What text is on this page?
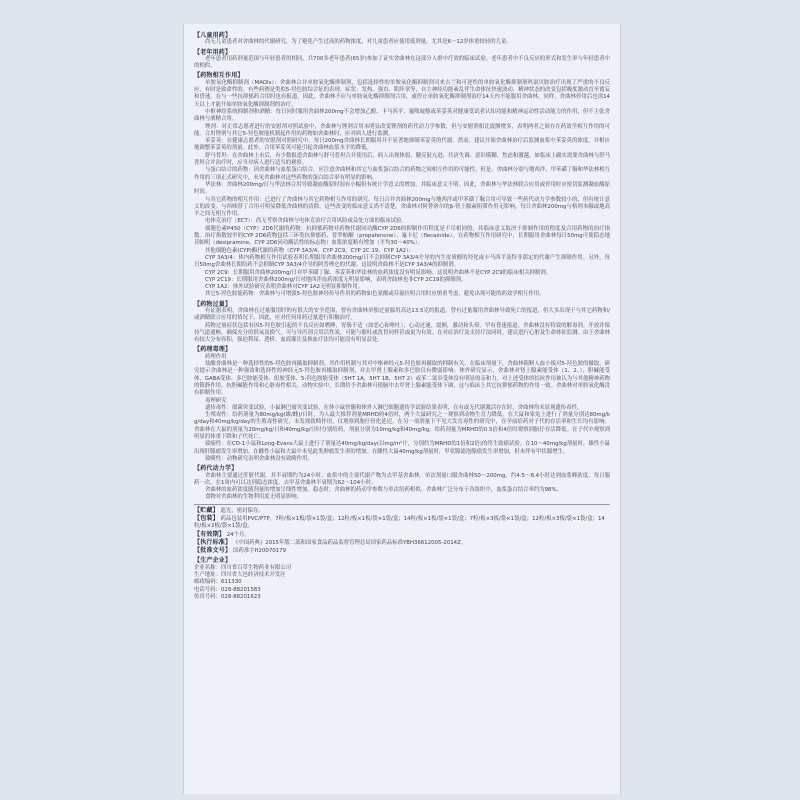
【儿童用药】

尚无儿童患者对舍曲林的代谢研究，为了避免产生过高的药物浓度，对儿童患者应使用低剂量，尤其是6～12岁体重较轻的儿童。

【老年用药】

老年患者用药剂量范围与年轻患者的相同。共700多老年患者(65岁)参加了证实舍曲林在这部分人群中疗效的临床试验。老年患者中不良反应的形式和发生率与年轻患者中的相似。

【药物相互作用】

单胺氧化酶抑制剂（MAOIs）：舍曲林合并单胺氧化酶抑制剂，包括选择性的单胺氧化酶抑制剂司来吉兰和可逆性的单胺氧化酶抑制剂吗氯贝胺治疗出现了严重的不良反应，有时是致命性的。有些病例是类似5-羟色胺综合征的表现。症状：发热、强直、肌阵挛等，自主神经功能紊乱伴生命体征快速波动，精神状态的改变包括极度激动直至谵妄和昏迷。在与一些抗抑郁药合用时也有报道。因此，舍曲林不应与单胺氧化酶抑制剂合用，或停止单胺氧化酶抑制剂治疗14天内不能服用舍曲林。同样，舍曲林停用后也需14天以上才能开始单胺氧化酶抑制剂的治疗。

中枢神经系统抑制剂和酒精：每日同时服用舍曲林200mg不会增加乙醇、卡马西平、氟哌啶醇或苯妥英对健康受试者认知功能和精神运动性活动能力的作用，但不主张舍曲林与酒精合用。

锂剂：对正常志愿者进行的安慰剂对照试验中，舍曲林与锂剂合用未明显改变锂剂的药代动力学参数，但与安慰剂相比震颤增多，表明两者之间存在药效学相互作用的可能。合用锂剂与其它5-羟色胺能机制起作用的药物如舍曲林时，应对病人进行监测。

苯妥英：在健康志愿者的安慰剂对照研究中，每日200mg舍曲林长期服用并不显著地抑制苯妥英的代谢。然而，建议开始舍曲林治疗后监测血浆中苯妥英的浓度，并相应地调整苯妥英的剂量。此外，合用苯妥英可能引起舍曲林血浆水平的降低。

舒马普坦：在舍曲林上市后，有少数报道舍曲林与舒马普坦合并使用后，病人出现体弱、腱反射亢进、共济失调、意识模糊、焦虑和激越。如临床上确实需要舍曲林与舒马普坦合并治疗时，应当对病人进行适当的观察。

与蛋白结合的药物：因舍曲林与血浆蛋白结合，应注意舍曲林和其它与血浆蛋白结合的药物之间相互作用的可能性。但是，舍曲林分别与地西泮、甲苯磺丁脲和华法林相互作用的三项正式研究中，未见舍曲林对这些药物的蛋白结合率有明显的影响。

华法林：舍曲林200mg/日与华法林合用导致凝血酶原时间有小幅但有统计学意义的增加，其临床意义不明。因此，舍曲林与华法林联合应用或停用时应密切监测凝血酶原时间。

与其它药物的相互作用：已进行了舍曲林与其它药物相互作用的研究。每日合并舍曲林200mg与地西泮或甲苯磺丁脲合用可导致一些药代动力学参数较小的、但有统计意义的改变。与西咪替丁合用可明显降低舍曲林的清除。这些改变的临床意义尚不清楚。舍曲林对阿替洛尔的β-肾上腺素阻滞作用无影响。每日舍曲林200mg与格列本脲或地高辛之间无相互作用。

电休克治疗（ECT）：尚无考察舍曲林与电休克治疗合用风险或益处方面的临床试验。

细胞色素P450（CYP）2D6代谢的药物：抗抑郁药物对药物代谢同功酶CYP 2D6的抑制作用程度是不尽相同的。其临床意义取决于抑制作用的程度及合用药物的治疗指数。治疗指数较窄的CYP 2D6药物包括三环类抗抑郁药、普罗帕酮（propafenone）、氟卡尼（flecainide）。在药物相互作用研究中，长期服用舍曲林每日50mg可使稳态地昔帕明（desipramine，CYP 2D6同功酶活性的标志物）血浆浓度略有增加（平均30～40%）。

其他细胞色素(CYP)酶代谢的药物（CYP 3A3/4、CYP 2C9、CYP 2C 19、CYP 1A2）：

CYP 3A3/4：体内药物相互作用试验表明长期服用舍曲林200mg/日不会抑制CYP 3A3/4介导的内生皮质醇的羟化或卡马西平及特非那定的代谢产生抑制作用。另外，每日50mg舍曲林长期给药不会抑制CYP 3A3/4介导的阿普唑仑的代谢。这说明舍曲林不是CYP 3A3/4的抑制剂。

CYP 2C9：长期服用舍曲林200mg/日对甲苯磺丁脲、苯妥英和华法林的血药浓度没有明显影响。这说明舍曲林不是CYP 2C9的临床相关抑制剂。

CYP 2C19：长期服用舍曲林200mg/日对地西泮血药浓度无明显影响，表明舍曲林也非CYP 2C19的抑制剂。

CYP 1A2：体外试验研究表明舍曲林对CYP 1A2无明显抑制作用。

其它5-羟色胺能药物：舍曲林与可增强5-羟色胺神经传导作用的药物如色氨酸或芬氟拉明合用时应慎重考虑，避免出现可能的药效学相互作用。

【药物过量】

有证据表明，舍曲林在过量服用时的有很大的安全范围，曾有舍曲林单独过量服用高达13.5克的报道。曾有过量服用舍曲林导致死亡的报道，但大多出现于与其它药物和/或酒精联合应用的情况下。因此，应对任何用药过量进行积极治疗。

药物过量症状包括有因5-羟色胺引起的不良反应如嗜睡，胃肠不适（如恶心和呕吐），心动过速，震颤，激动和头晕。罕有昏迷报道。舍曲林没有特效的解毒剂。开放并保持气道通畅，确保充分的供氧及换气。可与导泻剂合用活性炭，可能与催吐或洗胃同样甚或更为有效。在对症治疗及支持疗法同时，建议进行心脏及生命体征监测。由于舍曲林有较大分布容积，强迫利尿、透析、血液灌注及换血疗法均可能没有明显益处。

【药理毒理】

药理作用

盐酸舍曲林是一种选择性的5-羟色胺再摄取抑制剂。其作用机制与其对中枢神经元5-羟色胺再摄取的抑制有关。在临床剂量下，舍曲林阻断人血小板对5-羟色胺的摄取。研究提示舍曲林是一种强效和选择性的神经元5-羟色胺再摄取抑制剂，对去甲肾上腺素和多巴胺仅有微弱影响。体外研究显示，舍曲林对肾上腺素能受体（1、2、），胆碱能受体、GABA受体、多巴胺能受体、组胺受体、5-羟色胺能受体（5HT 1A，5HT 1B，5HT 2）或苯二氮卓受体没有明显的亲和力。对上述受体的拮抗作用被认为与其他精神药物的镇静作用、抗胆碱能作用和心脏毒性相关。动物实验中，长期给予舍曲林可使脑中去甲肾上腺素能受体下调，这与临床上其它抗抑郁药物的作用一致。舍曲林对单胺氧化酶没有抑制作用。

毒理研究

遗传毒性：细菌突变试验，小鼠淋巴瘤突变试验，在体小鼠骨髓和体外人淋巴细胞遗传学试验结果表明，在有或无代谢激活存在时，舍曲林均未显现遗传毒性。

生殖毒性：给药剂量为80mg/kg(雄/雌)/日时，为人最大推荐剂量MRHD的4倍时，两个大鼠研究之一观察到动物生育力降低。在大鼠和家兔上进行了剂量分别达80mg/kg/day和40mg/kg/day的生殖毒性研究，未发现致畸作用，仅观察到胎仔骨化延迟。在另一项剂量下不见大发育毒性的研究中，在孕前给药对子代的存活率和生长均有影响。舍曲林在大鼠的剂量为20mg/kg/日和40mg/kg/日时分别给药，剂量分别为10mg/kg和40mg/kg。给药剂量为MRHD的0.5倍和4倍时观察到胎仔存活降低。在子代中观察到明显的体重下降和子代死亡。

致癌性：在CD-1小鼠和Long-Evans大鼠上进行了剂量达40mg/kg/day(以mg/m²计，分别约为MRHD的1倍和2倍)的终生致癌试验。在10～40mg/kg剂量时，雄性小鼠出现肝腺瘤发生率增加。在雌性小鼠和大鼠中未见此类肿瘤发生率的增加。在雌性大鼠40mg/kg剂量时，甲状腺滤泡腺瘤发生率增加，但未伴有甲状腺增生。

致畸性：动物研究表明舍曲林没有致畸作用。

【药代动力学】

舍曲林主要通过肝脏代谢，其半衰期约为24小时。血浆中的主要代谢产物为去甲基舍曲林。单次剂量口服舍曲林50～200mg，约4.5～8.4小时达到血浆峰浓度。每日服药一次，在1周内可以达到稳态浓度。去甲基舍曲林半衰期为62～104小时。

舍曲林的血药浓度随剂量的增加呈线性增加。稳态时，舍曲林的药动学参数与单次给药相似。舍曲林广泛分布于各组织中，血浆蛋白结合率约为98%。

食物对舍曲林的生物利用度无明显影响。

【贮藏】 遮光，密封保存。
【包装】 药品包装用PVC/PTP，7粒/板×1板/袋×1袋/盒；12粒/板×1板/袋×1袋/盒；14粒/板×1板/袋×1袋/盒；7粒/板×3板/袋×1袋/盒；12粒/板×3板/袋×1袋/盒；14粒/板×2板/袋×1袋/盒。
【有效期】 24个月。
【执行标准】 《中国药典》2015年版二部和国家食品药品监督管理总局国家药品标准YBH36612005-2014Z。
【批准文号】 国药准字H20070179
【生产企业】
企业名称：四川省百草生物药业有限公司
生产地址：四川省大邑经济技术开发区
邮政编码：611330
电话号码：028-88201583
传真号码：028-88201623
